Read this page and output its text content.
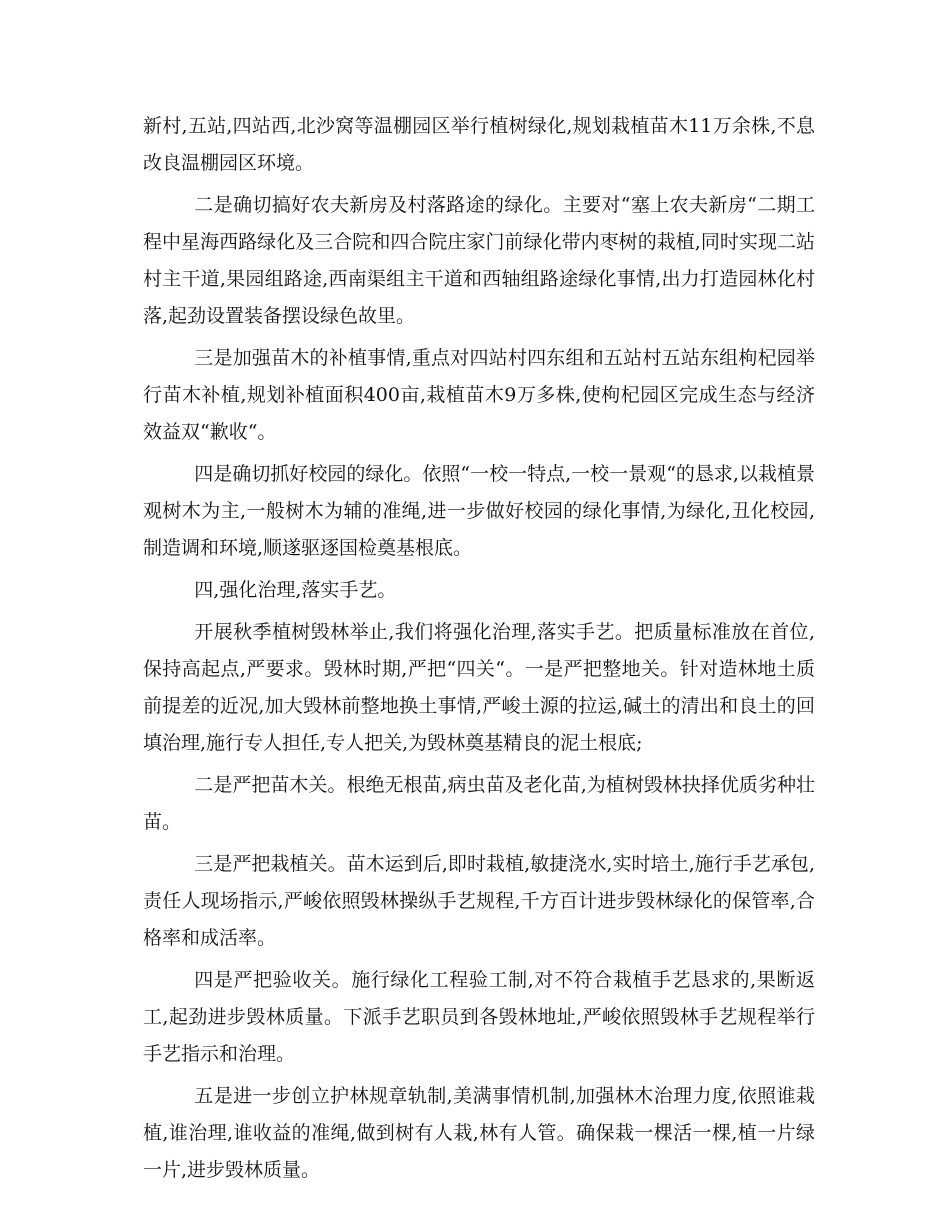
新村,五站,四站西,北沙窝等温棚园区举行植树绿化,规划栽植苗木11万余株,不息改良温棚园区环境。

二是确切搞好农夫新房及村落路途的绿化。主要对“塞上农夫新房“二期工程中星海西路绿化及三合院和四合院庄家门前绿化带内枣树的栽植,同时实现二站村主干道,果园组路途,西南渠组主干道和西轴组路途绿化事情,出力打造园林化村落,起劲设置装备摆设绿色故里。

三是加强苗木的补植事情,重点对四站村四东组和五站村五站东组枸杞园举行苗木补植,规划补植面积400亩,栽植苗木9万多株,使枸杞园区完成生态与经济效益双“歉收“。

四是确切抓好校园的绿化。依照“一校一特点,一校一景观“的恳求,以栽植景观树木为主,一般树木为辅的准绳,进一步做好校园的绿化事情,为绿化,丑化校园,制造调和环境,顺遂驱逐国检奠基根底。

四,强化治理,落实手艺。

开展秋季植树毁林举止,我们将强化治理,落实手艺。把质量标准放在首位,保持高起点,严要求。毁林时期,严把“四关“。一是严把整地关。针对造林地土质前提差的近况,加大毁林前整地换土事情,严峻土源的拉运,碱土的清出和良土的回填治理,施行专人担任,专人把关,为毁林奠基精良的泥土根底;

二是严把苗木关。根绝无根苗,病虫苗及老化苗,为植树毁林抉择优质劣种壮苗。

三是严把栽植关。苗木运到后,即时栽植,敏捷浇水,实时培土,施行手艺承包,责任人现场指示,严峻依照毁林操纵手艺规程,千方百计进步毁林绿化的保管率,合格率和成活率。

四是严把验收关。施行绿化工程验工制,对不符合栽植手艺恳求的,果断返工,起劲进步毁林质量。下派手艺职员到各毁林地址,严峻依照毁林手艺规程举行手艺指示和治理。

五是进一步创立护林规章轨制,美满事情机制,加强林木治理力度,依照谁栽植,谁治理,谁收益的准绳,做到树有人栽,林有人管。确保栽一棵活一棵,植一片绿一片,进步毁林质量。
